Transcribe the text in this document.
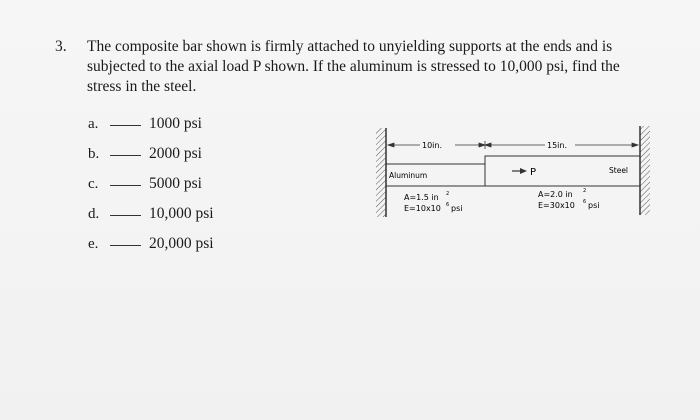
3. The composite bar shown is firmly attached to unyielding supports at the ends and is
subjected to the axial load P shown. If the aluminum is stressed to 10,000 psi, find the
stress in the steel.
a.	1000 psi
b.	2000 psi
c.	5000 psi
d.	10,000 psi
e.	20,000 psi
10in.	15in.
Aluminum
Steel
P
A=1.5 in 2
E=10x10 6 psi
A=2.0 in 2
E=30x10 6 psi
